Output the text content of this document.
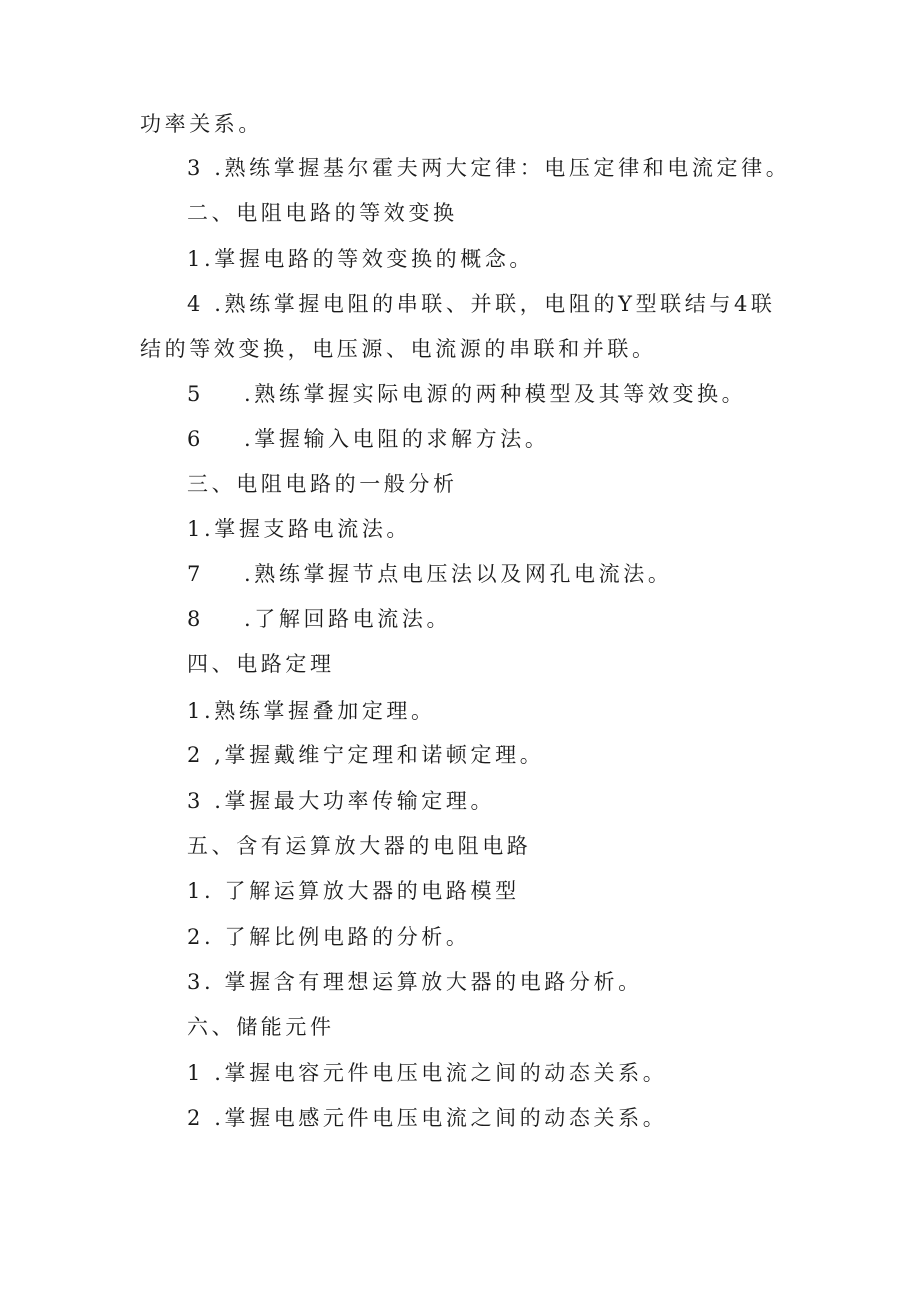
功率关系。
3 .熟练掌握基尔霍夫两大定律：电压定律和电流定律。
二、电阻电路的等效变换
1.掌握电路的等效变换的概念。
4 .熟练掌握电阻的串联、并联，电阻的Y型联结与4联
结的等效变换，电压源、电流源的串联和并联。
5 .熟练掌握实际电源的两种模型及其等效变换。
6 .掌握输入电阻的求解方法。
三、电阻电路的一般分析
1.掌握支路电流法。
7 .熟练掌握节点电压法以及网孔电流法。
8 .了解回路电流法。
四、电路定理
1.熟练掌握叠加定理。
2 ,掌握戴维宁定理和诺顿定理。
3 .掌握最大功率传输定理。
五、含有运算放大器的电阻电路
1. 了解运算放大器的电路模型
2. 了解比例电路的分析。
3. 掌握含有理想运算放大器的电路分析。
六、储能元件
1 .掌握电容元件电压电流之间的动态关系。
2 .掌握电感元件电压电流之间的动态关系。
